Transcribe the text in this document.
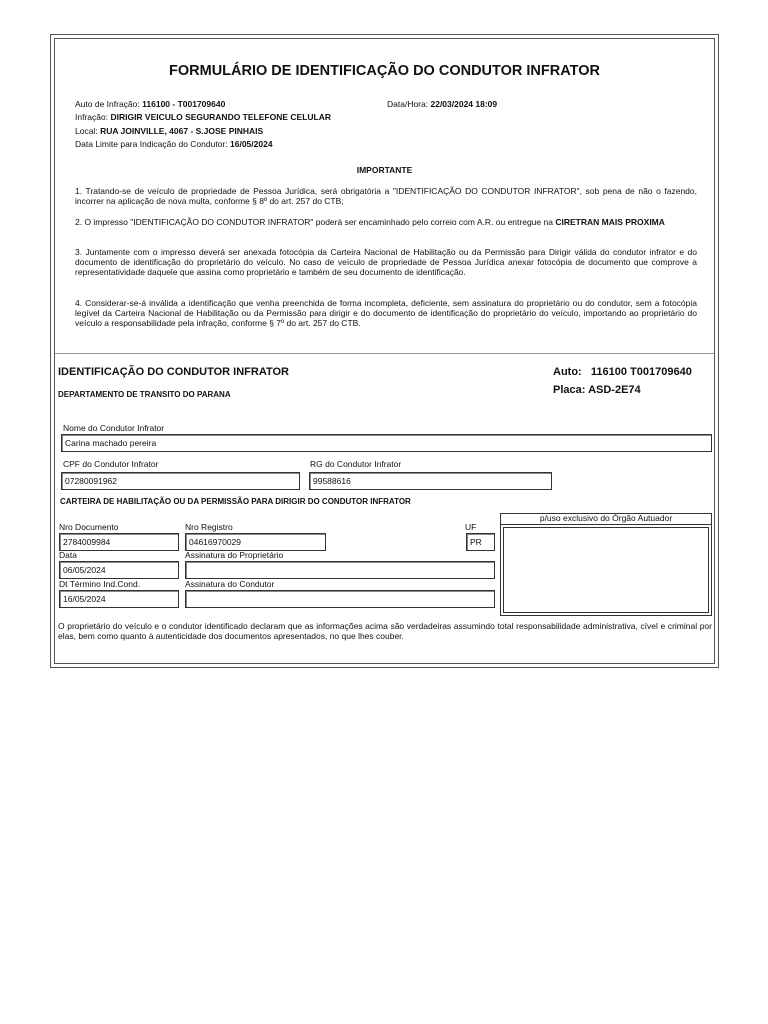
FORMULÁRIO DE IDENTIFICAÇÃO DO CONDUTOR INFRATOR
Auto de Infração: 116100 - T001709640	Data/Hora: 22/03/2024 18:09
Infração: DIRIGIR VEICULO SEGURANDO TELEFONE CELULAR
Local: RUA JOINVILLE, 4067 - S.JOSE PINHAIS
Data Limite para Indicação do Condutor: 16/05/2024
IMPORTANTE
1. Tratando-se de veículo de propriedade de Pessoa Jurídica, será obrigatória a "IDENTIFICAÇÃO DO CONDUTOR INFRATOR", sob pena de não o fazendo, incorrer na aplicação de nova multa, conforme § 8º do art. 257 do CTB;
2. O impresso "IDENTIFICAÇÃO DO CONDUTOR INFRATOR" poderá ser encaminhado pelo correio com A.R. ou entregue na CIRETRAN MAIS PROXIMA
3. Juntamente com o impresso deverá ser anexada fotocópia da Carteira Nacional de Habilitação ou da Permissão para Dirigir válida do condutor infrator e do documento de identificação do proprietário do veículo. No caso de veículo de propriedade de Pessoa Jurídica anexar fotocópia de documento que comprove a representatividade daquele que assina como proprietário e também de seu documento de identificação.
4. Considerar-se-á inválida a identificação que venha preenchida de forma incompleta, deficiente, sem assinatura do proprietário ou do condutor, sem a fotocópia legível da Carteira Nacional de Habilitação ou da Permissão para dirigir e do documento de identificação do proprietário do veículo, importando ao proprietário do veículo a responsabilidade pela infração, conforme § 7º do art. 257 do CTB.
IDENTIFICAÇÃO DO CONDUTOR INFRATOR
DEPARTAMENTO DE TRANSITO DO PARANA
Auto: 116100 T001709640
Placa: ASD-2E74
Nome do Condutor Infrator
Carina machado pereira
CPF do Condutor Infrator
07280091962
RG do Condutor Infrator
99588616
CARTEIRA DE HABILITAÇÃO OU DA PERMISSÃO PARA DIRIGIR DO CONDUTOR INFRATOR
Nro Documento
2784009984
Nro Registro
04616970029
UF
PR
p/uso exclusivo do Órgão Autuador
Data
06/05/2024
Assinatura do Proprietário
Dt Término Ind.Cond.
16/05/2024
Assinatura do Condutor
O proprietário do veículo e o condutor identificado declaram que as informações acima são verdadeiras assumindo total responsabilidade administrativa, cível e criminal por elas, bem como quanto à autenticidade dos documentos apresentados, no que lhes couber.
